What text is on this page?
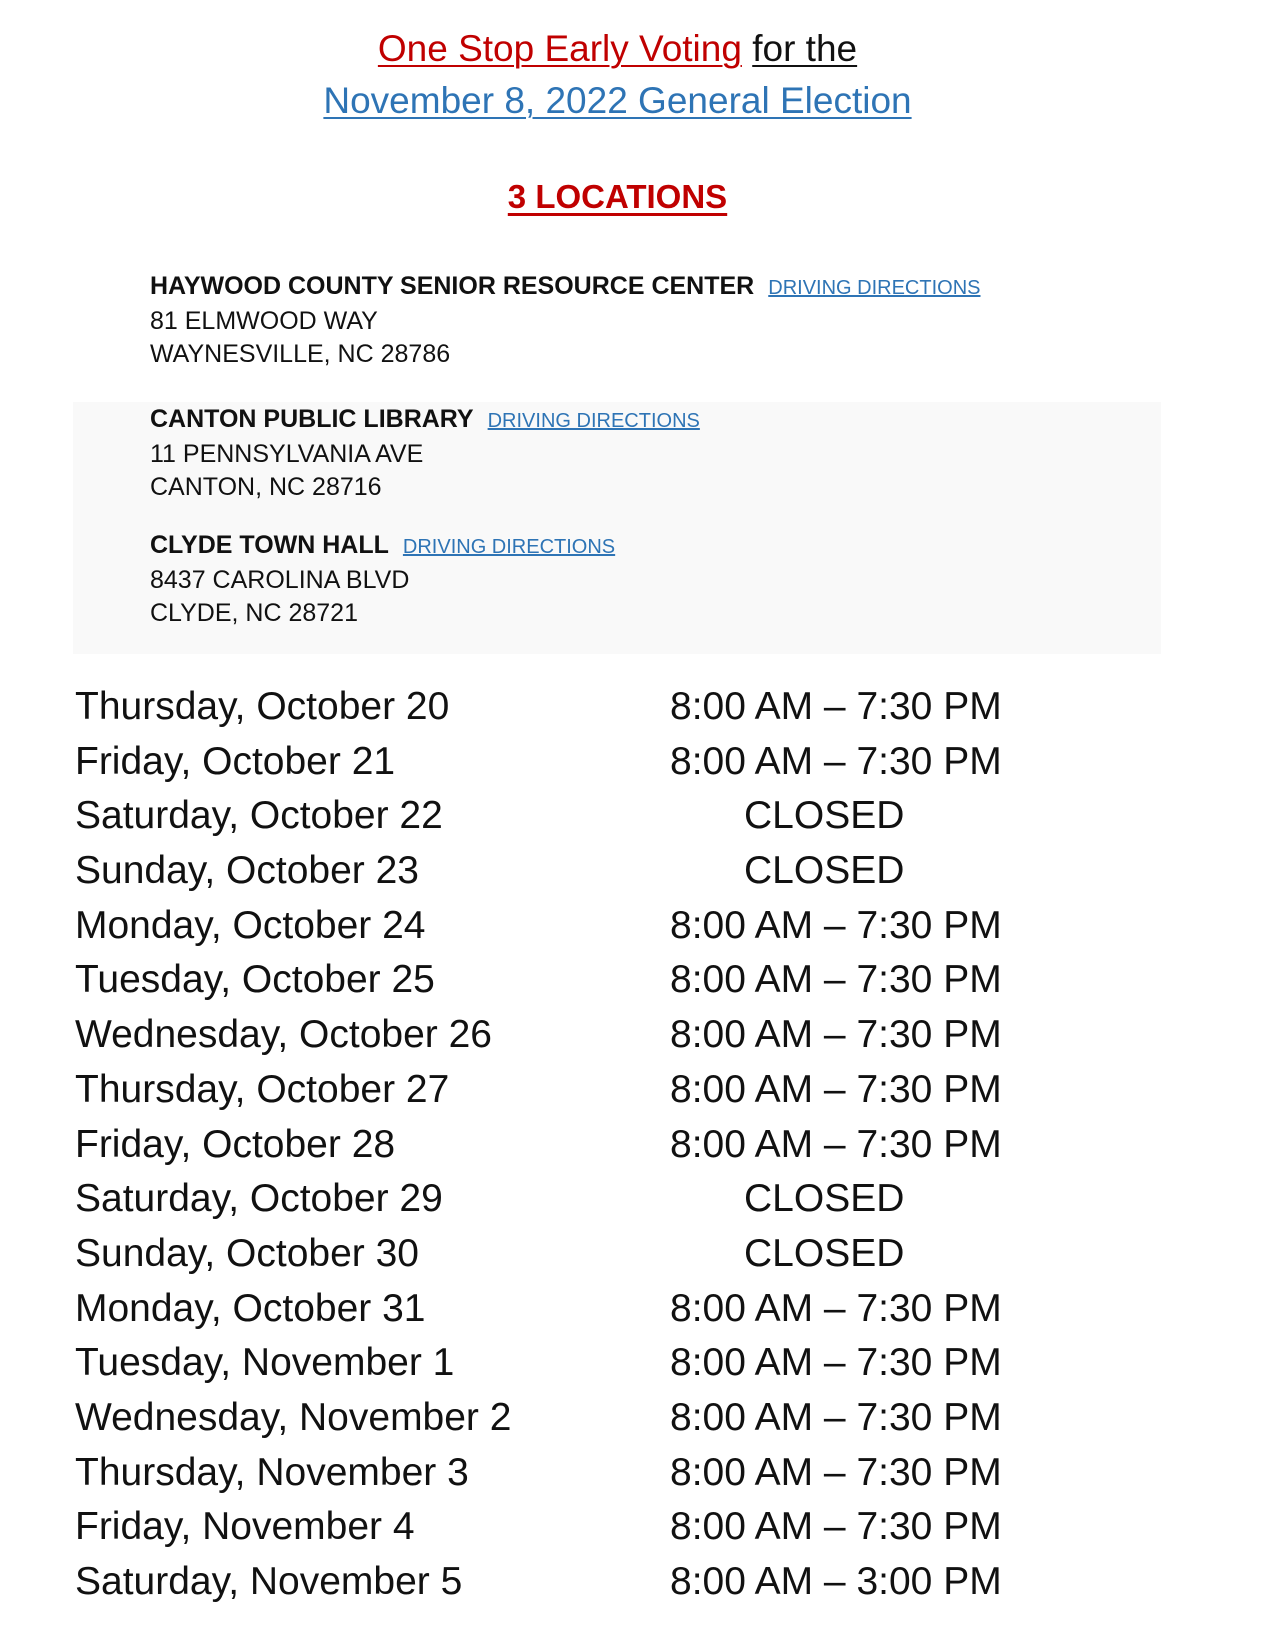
One Stop Early Voting for the
November 8, 2022 General Election
3 LOCATIONS
HAYWOOD COUNTY SENIOR RESOURCE CENTER DRIVING DIRECTIONS
81 ELMWOOD WAY
WAYNESVILLE, NC 28786
CANTON PUBLIC LIBRARY DRIVING DIRECTIONS
11 PENNSYLVANIA AVE
CANTON, NC 28716
CLYDE TOWN HALL DRIVING DIRECTIONS
8437 CAROLINA BLVD
CLYDE, NC 28721
Thursday, October 20	8:00 AM – 7:30 PM
Friday, October 21	8:00 AM – 7:30 PM
Saturday, October 22	CLOSED
Sunday, October 23	CLOSED
Monday, October 24	8:00 AM – 7:30 PM
Tuesday, October 25	8:00 AM – 7:30 PM
Wednesday, October 26	8:00 AM – 7:30 PM
Thursday, October 27	8:00 AM – 7:30 PM
Friday, October 28	8:00 AM – 7:30 PM
Saturday, October 29	CLOSED
Sunday, October 30	CLOSED
Monday, October 31	8:00 AM – 7:30 PM
Tuesday, November 1	8:00 AM – 7:30 PM
Wednesday, November 2	8:00 AM – 7:30 PM
Thursday, November 3	8:00 AM – 7:30 PM
Friday, November 4	8:00 AM – 7:30 PM
Saturday, November 5	8:00 AM – 3:00 PM
